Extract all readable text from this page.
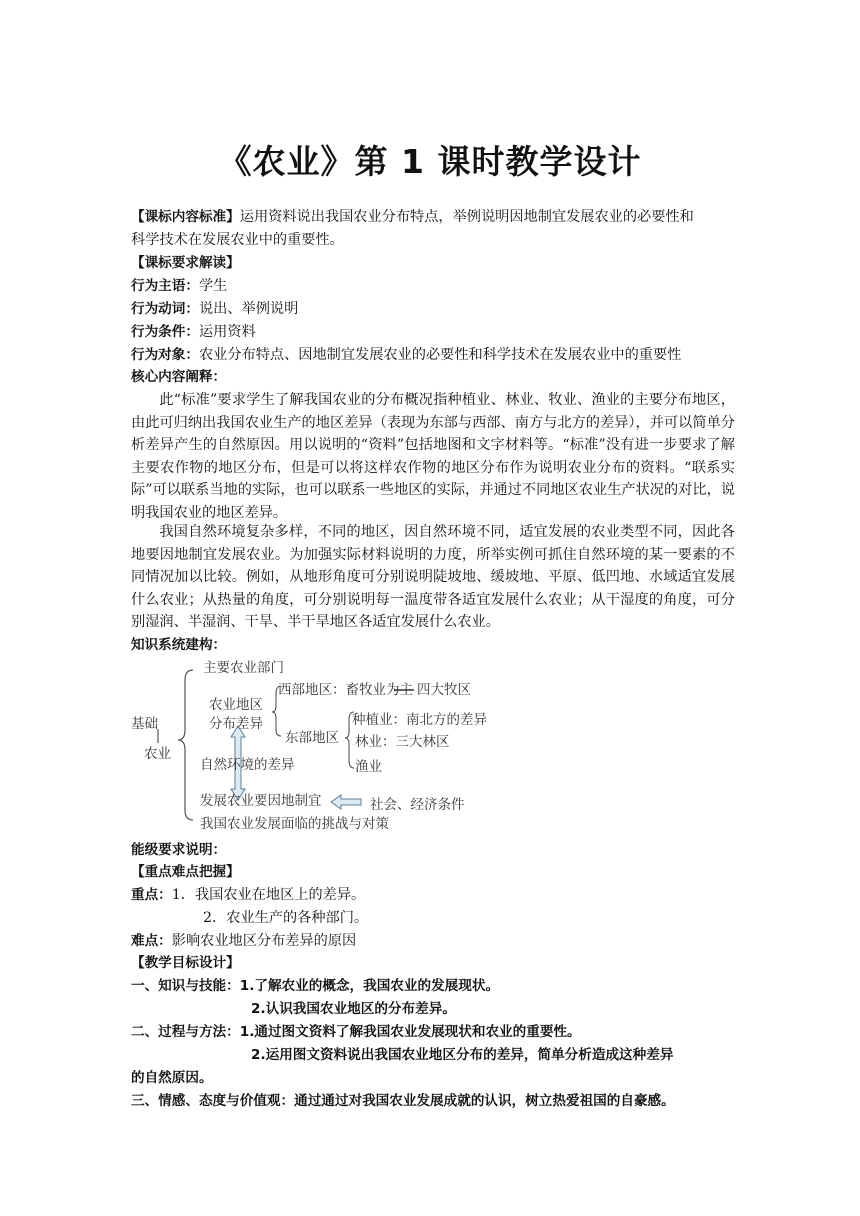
《农业》第 1 课时教学设计
【课标内容标准】运用资料说出我国农业分布特点，举例说明因地制宜发展农业的必要性和
科学技术在发展农业中的重要性。
【课标要求解读】
行为主语：学生
行为动词：说出、举例说明
行为条件：运用资料
行为对象：农业分布特点、因地制宜发展农业的必要性和科学技术在发展农业中的重要性
核心内容阐释：

此“标准”要求学生了解我国农业的分布概况指种植业、林业、牧业、渔业的主要分布地区，由此可归纳出我国农业生产的地区差异（表现为东部与西部、南方与北方的差异），并可以简单分析差异产生的自然原因。用以说明的“资料”包括地图和文字材料等。“标准”没有进一步要求了解主要农作物的地区分布，但是可以将这样农作物的地区分布作为说明农业分布的资料。“联系实际”可以联系当地的实际，也可以联系一些地区的实际，并通过不同地区农业生产状况的对比，说明我国农业的地区差异。

我国自然环境复杂多样，不同的地区，因自然环境不同，适宜发展的农业类型不同，因此各地要因地制宜发展农业。为加强实际材料说明的力度，所举实例可抓住自然环境的某一要素的不同情况加以比较。例如，从地形角度可分别说明陡坡地、缓坡地、平原、低凹地、水域适宜发展什么农业；从热量的角度，可分别说明每一温度带各适宜发展什么农业；从干湿度的角度，可分别湿润、半湿润、干旱、半干旱地区各适宜发展什么农业。

知识系统建构：
基础
农业
主要农业部门
农业地区
分布差异
西部地区：畜牧业为主 四大牧区
东部地区
种植业：南北方的差异
林业：三大林区
渔业
自然环境的差异
发展农业要因地制宜	社会、经济条件
我国农业发展面临的挑战与对策
能级要求说明：
【重点难点把握】
重点：1．我国农业在地区上的差异。
2．农业生产的各种部门。
难点：影响农业地区分布差异的原因
【教学目标设计】
一、知识与技能：1.了解农业的概念，我国农业的发展现状。
2.认识我国农业地区的分布差异。
二、过程与方法：1.通过图文资料了解我国农业发展现状和农业的重要性。
2.运用图文资料说出我国农业地区分布的差异，简单分析造成这种差异
的自然原因。
三、情感、态度与价值观：通过通过对我国农业发展成就的认识，树立热爱祖国的自豪感。
